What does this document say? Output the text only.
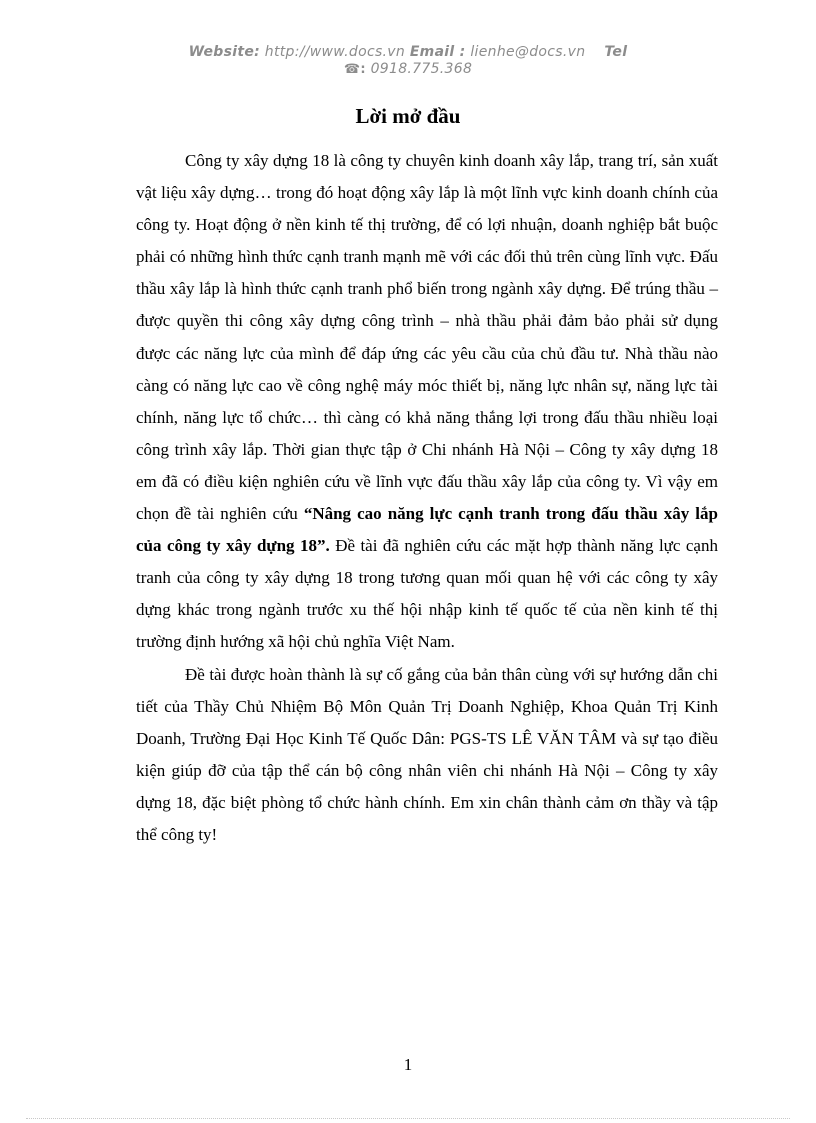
Website: http://www.docs.vn Email : lienhe@docs.vn Tel
☎: 0918.775.368
Lời mở đầu

Công ty xây dựng 18 là công ty chuyên kinh doanh xây lắp, trang trí, sản xuất vật liệu xây dựng… trong đó hoạt động xây lắp là một lĩnh vực kinh doanh chính của công ty. Hoạt động ở nền kinh tế thị trường, để có lợi nhuận, doanh nghiệp bắt buộc phải có những hình thức cạnh tranh mạnh mẽ với các đối thủ trên cùng lĩnh vực. Đấu thầu xây lắp là hình thức cạnh tranh phổ biến trong ngành xây dựng. Để trúng thầu – được quyền thi công xây dựng công trình – nhà thầu phải đảm bảo phải sử dụng được các năng lực của mình để đáp ứng các yêu cầu của chủ đầu tư. Nhà thầu nào càng có năng lực cao về công nghệ máy móc thiết bị, năng lực nhân sự, năng lực tài chính, năng lực tổ chức… thì càng có khả năng thắng lợi trong đấu thầu nhiều loại công trình xây lắp. Thời gian thực tập ở Chi nhánh Hà Nội – Công ty xây dựng 18 em đã có điều kiện nghiên cứu về lĩnh vực đấu thầu xây lắp của công ty. Vì vậy em chọn đề tài nghiên cứu “Nâng cao năng lực cạnh tranh trong đấu thầu xây lắp của công ty xây dựng 18”. Đề tài đã nghiên cứu các mặt hợp thành năng lực cạnh tranh của công ty xây dựng 18 trong tương quan mối quan hệ với các công ty xây dựng khác trong ngành trước xu thế hội nhập kinh tế quốc tế của nền kinh tế thị trường định hướng xã hội chủ nghĩa Việt Nam.

Đề tài được hoàn thành là sự cố gắng của bản thân cùng với sự hướng dẫn chi tiết của Thầy Chủ Nhiệm Bộ Môn Quản Trị Doanh Nghiệp, Khoa Quản Trị Kinh Doanh, Trường Đại Học Kinh Tế Quốc Dân: PGS-TS LÊ VĂN TÂM và sự tạo điều kiện giúp đỡ của tập thể cán bộ công nhân viên chi nhánh Hà Nội – Công ty xây dựng 18, đặc biệt phòng tổ chức hành chính. Em xin chân thành cảm ơn thầy và tập thể công ty!

1
